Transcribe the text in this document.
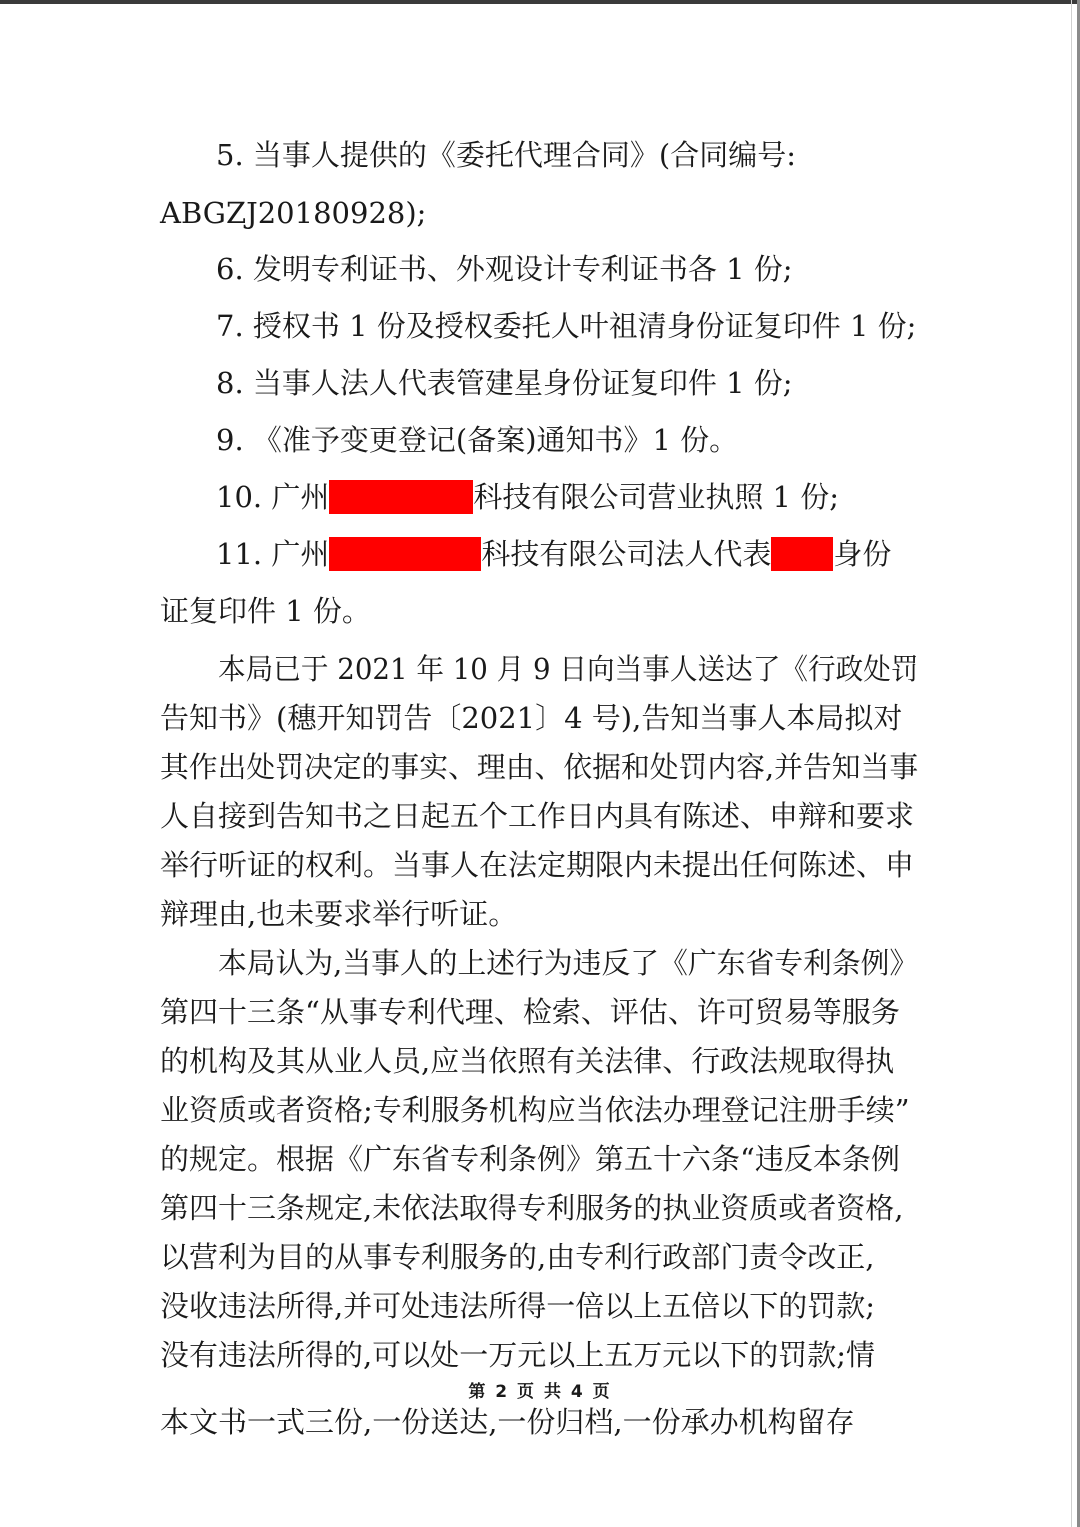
5. 当事人提供的《委托代理合同》(合同编号:
ABGZJ20180928);
6. 发明专利证书、外观设计专利证书各 1 份;
7. 授权书 1 份及授权委托人叶祖清身份证复印件 1 份;
8. 当事人法人代表管建星身份证复印件 1 份;
9. 《准予变更登记(备案)通知书》1 份。
10. 广州	科技有限公司营业执照 1 份;
11. 广州	科技有限公司法人代表 身份
证复印件 1 份。
本局已于 2021 年 10 月 9 日向当事人送达了《行政处罚
告知书》(穗开知罚告〔2021〕4 号),告知当事人本局拟对
其作出处罚决定的事实、理由、依据和处罚内容,并告知当事
人自接到告知书之日起五个工作日内具有陈述、申辩和要求
举行听证的权利。当事人在法定期限内未提出任何陈述、申
辩理由,也未要求举行听证。
本局认为,当事人的上述行为违反了《广东省专利条例》
第四十三条“从事专利代理、检索、评估、许可贸易等服务
的机构及其从业人员,应当依照有关法律、行政法规取得执
业资质或者资格;专利服务机构应当依法办理登记注册手续”
的规定。根据《广东省专利条例》第五十六条“违反本条例
第四十三条规定,未依法取得专利服务的执业资质或者资格,
以营利为目的从事专利服务的,由专利行政部门责令改正,
没收违法所得,并可处违法所得一倍以上五倍以下的罚款;
没有违法所得的,可以处一万元以上五万元以下的罚款;情
第 2 页 共 4 页
本文书一式三份,一份送达,一份归档,一份承办机构留存
